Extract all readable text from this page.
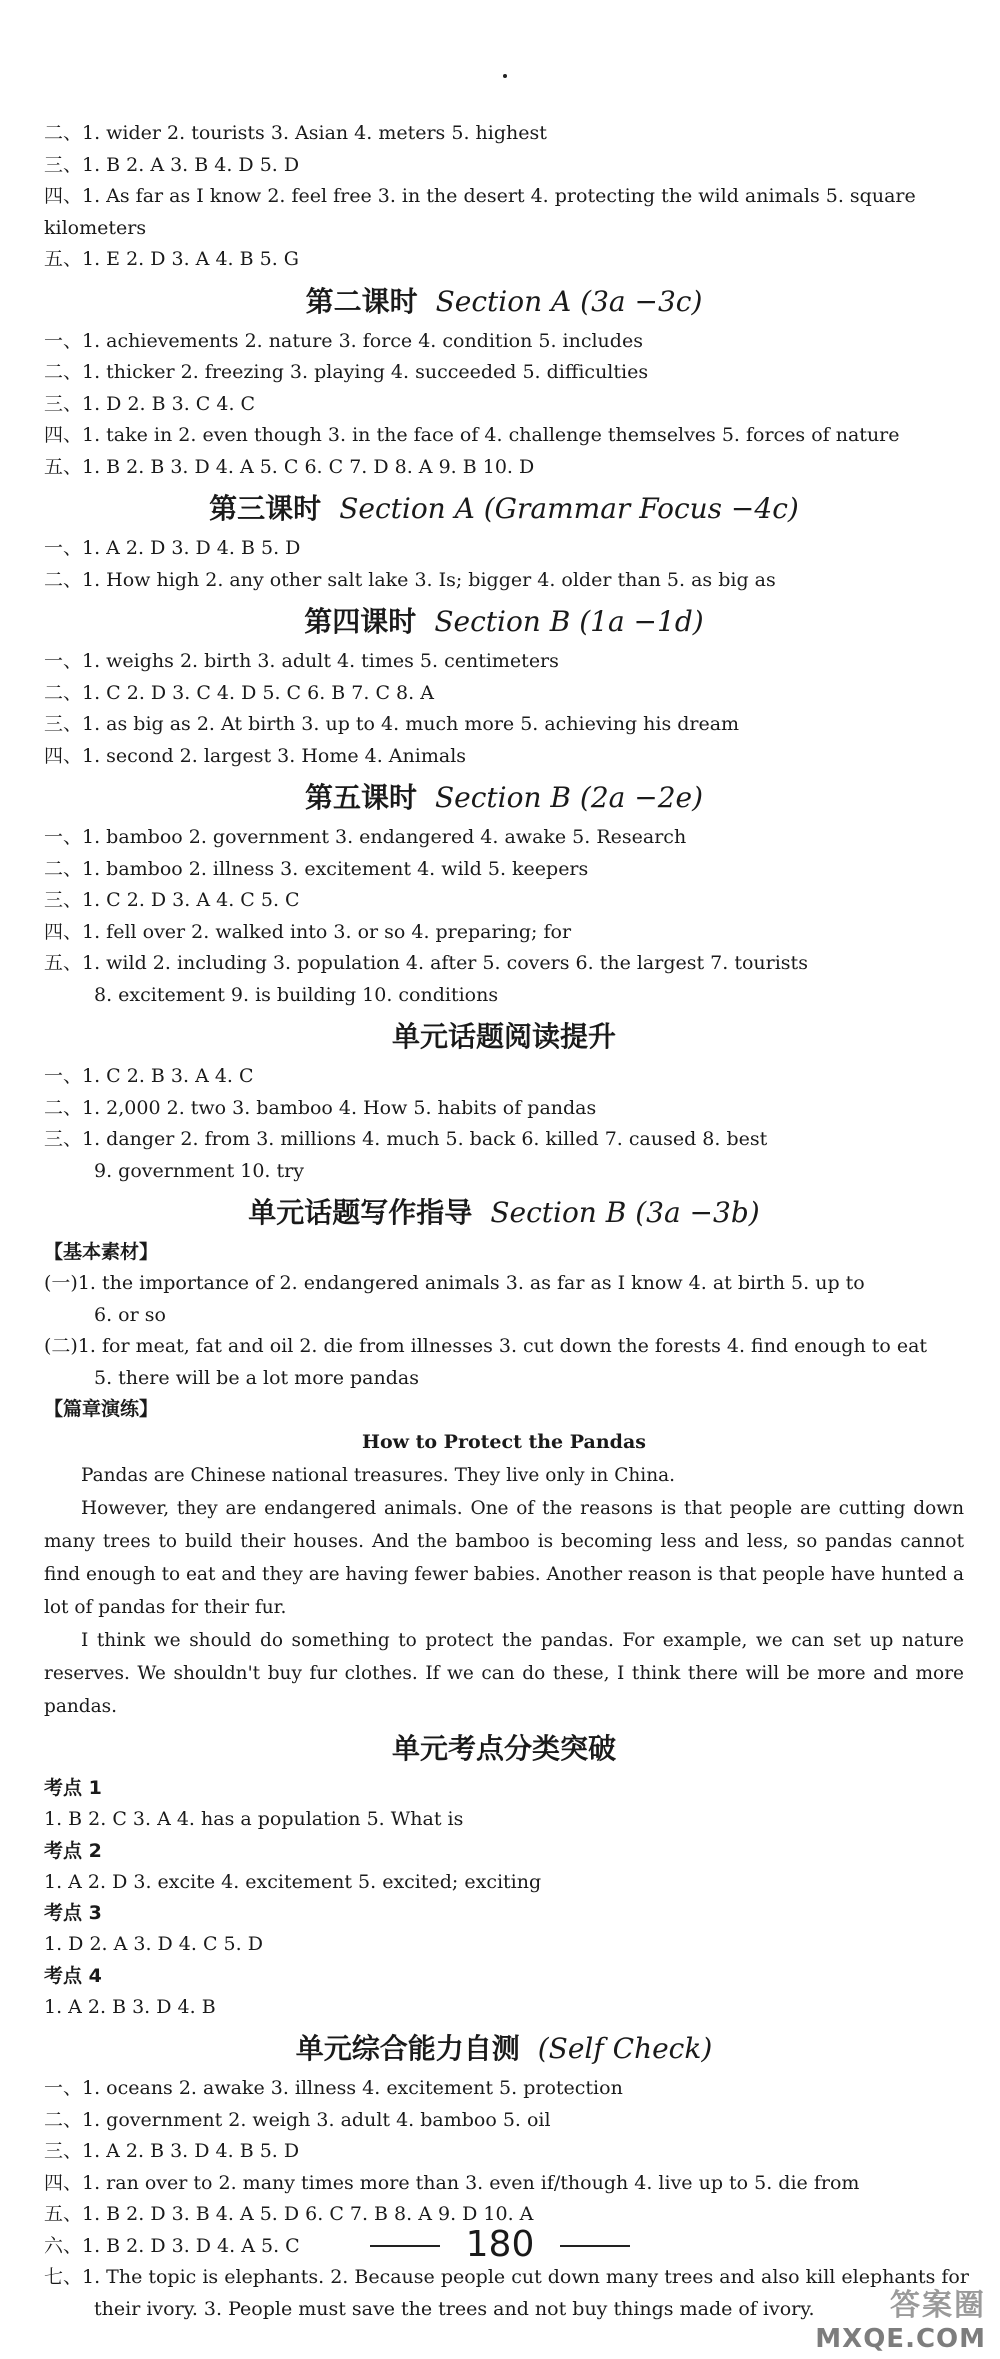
二、1. wider 2. tourists 3. Asian 4. meters 5. highest
三、1. B 2. A 3. B 4. D 5. D
四、1. As far as I know 2. feel free 3. in the desert 4. protecting the wild animals 5. square
kilometers
五、1. E 2. D 3. A 4. B 5. G
第二课时 Section A (3a −3c)
一、1. achievements 2. nature 3. force 4. condition 5. includes
二、1. thicker 2. freezing 3. playing 4. succeeded 5. difficulties
三、1. D 2. B 3. C 4. C
四、1. take in 2. even though 3. in the face of 4. challenge themselves 5. forces of nature
五、1. B 2. B 3. D 4. A 5. C 6. C 7. D 8. A 9. B 10. D
第三课时 Section A (Grammar Focus −4c)
一、1. A 2. D 3. D 4. B 5. D
二、1. How high 2. any other salt lake 3. Is; bigger 4. older than 5. as big as
第四课时 Section B (1a −1d)
一、1. weighs 2. birth 3. adult 4. times 5. centimeters
二、1. C 2. D 3. C 4. D 5. C 6. B 7. C 8. A
三、1. as big as 2. At birth 3. up to 4. much more 5. achieving his dream
四、1. second 2. largest 3. Home 4. Animals
第五课时 Section B (2a −2e)
一、1. bamboo 2. government 3. endangered 4. awake 5. Research
二、1. bamboo 2. illness 3. excitement 4. wild 5. keepers
三、1. C 2. D 3. A 4. C 5. C
四、1. fell over 2. walked into 3. or so 4. preparing; for
五、1. wild 2. including 3. population 4. after 5. covers 6. the largest 7. tourists
8. excitement 9. is building 10. conditions
单元话题阅读提升
一、1. C 2. B 3. A 4. C
二、1. 2,000 2. two 3. bamboo 4. How 5. habits of pandas
三、1. danger 2. from 3. millions 4. much 5. back 6. killed 7. caused 8. best
9. government 10. try
单元话题写作指导 Section B (3a −3b)
【基本素材】
(一)1. the importance of 2. endangered animals 3. as far as I know 4. at birth 5. up to
6. or so
(二)1. for meat, fat and oil 2. die from illnesses 3. cut down the forests 4. find enough to eat
5. there will be a lot more pandas
【篇章演练】
How to Protect the Pandas
Pandas are Chinese national treasures. They live only in China.
However, they are endangered animals. One of the reasons is that people are cutting down many trees to build their houses. And the bamboo is becoming less and less, so pandas cannot find enough to eat and they are having fewer babies. Another reason is that people have hunted a lot of pandas for their fur.
I think we should do something to protect the pandas. For example, we can set up nature reserves. We shouldn't buy fur clothes. If we can do these, I think there will be more and more pandas.
单元考点分类突破
考点 1
1. B 2. C 3. A 4. has a population 5. What is
考点 2
1. A 2. D 3. excite 4. excitement 5. excited; exciting
考点 3
1. D 2. A 3. D 4. C 5. D
考点 4
1. A 2. B 3. D 4. B
单元综合能力自测 (Self Check)
一、1. oceans 2. awake 3. illness 4. excitement 5. protection
二、1. government 2. weigh 3. adult 4. bamboo 5. oil
三、1. A 2. B 3. D 4. B 5. D
四、1. ran over to 2. many times more than 3. even if/though 4. live up to 5. die from
五、1. B 2. D 3. B 4. A 5. D 6. C 7. B 8. A 9. D 10. A
六、1. B 2. D 3. D 4. A 5. C
七、1. The topic is elephants. 2. Because people cut down many trees and also kill elephants for
their ivory. 3. People must save the trees and not buy things made of ivory.
180
答案圈
MXQE.COM
